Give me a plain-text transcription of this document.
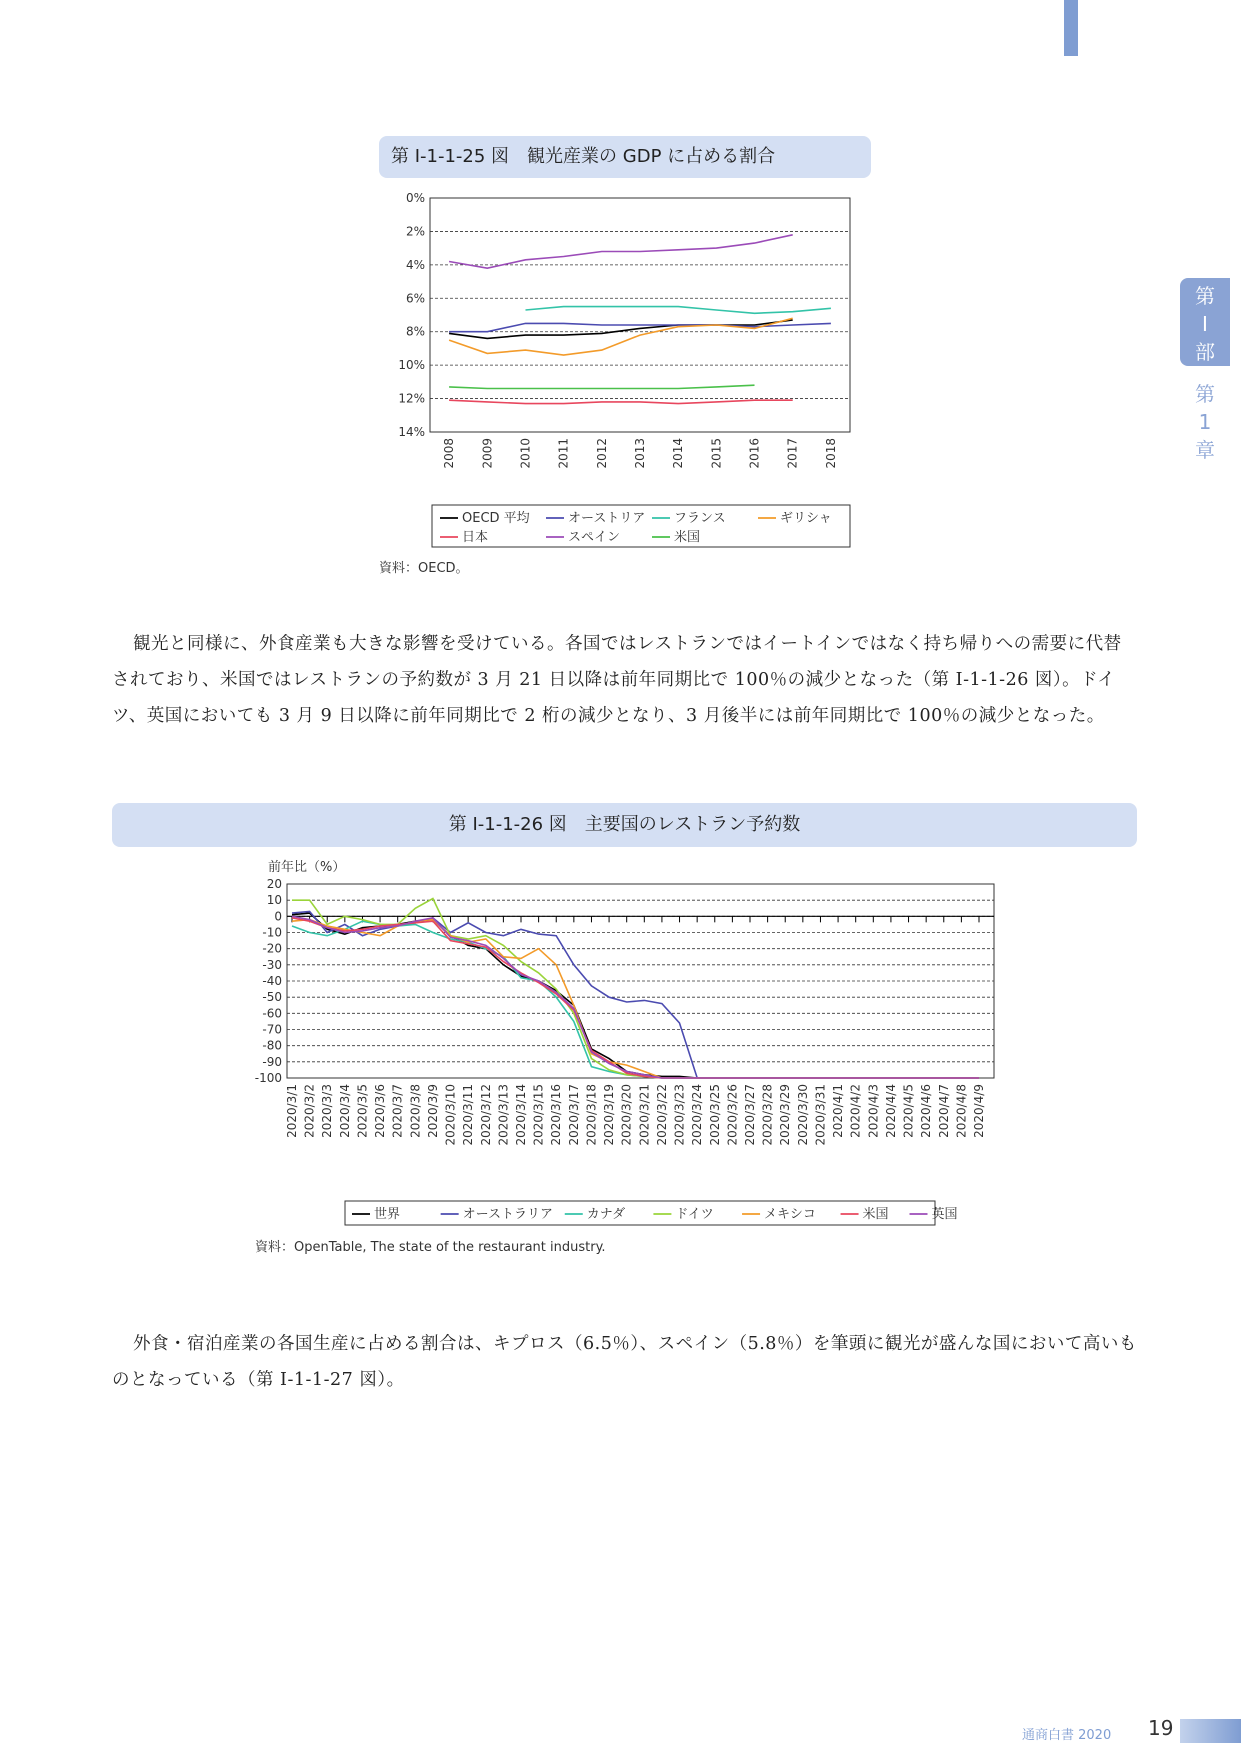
第
I
部
第
1
章
第 I-1-1-25 図　観光産業の GDP に占める割合
0%
2%
4%
6%
8%
10%
12%
14%
2008 2009 2010 2011 2012 2013 2014 2015 2016 2017 2018
OECD 平均	オーストリア フランス	ギリシャ
日本	スペイン	米国
資料：OECD。

観光と同様に、外食産業も大きな影響を受けている。各国ではレストランではイートインではなく持ち帰りへの需要に代替されており、米国ではレストランの予約数が 3 月 21 日以降は前年同期比で 100％の減少となった（第 I-1-1-26 図）。ドイツ、英国においても 3 月 9 日以降に前年同期比で 2 桁の減少となり、3 月後半には前年同期比で 100％の減少となった。

第 I-1-1-26 図　主要国のレストラン予約数
20
10
0
-10
-20
-30
-40
-50
-60
-70
-80
-90
-100
2020/3/1 2020/3/2 2020/3/3 2020/3/4 2020/3/5 2020/3/6 2020/3/7 2020/3/8 2020/3/9 2020/3/10 2020/3/11 2020/3/12 2020/3/13 2020/3/14 2020/3/15 2020/3/16 2020/3/17 2020/3/18 2020/3/19 2020/3/20 2020/3/21 2020/3/22 2020/3/23 2020/3/24 2020/3/25 2020/3/26 2020/3/27 2020/3/28 2020/3/29 2020/3/30 2020/3/31 2020/4/1 2020/4/2 2020/4/3 2020/4/4 2020/4/5 2020/4/6 2020/4/7 2020/4/8 2020/4/9
世界	オーストラリア	カナダ	ドイツ	メキシコ	米国	英国
前年比（%）
資料：OpenTable, The state of the restaurant industry.

外食・宿泊産業の各国生産に占める割合は、キプロス（6.5％）、スペイン（5.8％）を筆頭に観光が盛んな国において高いものとなっている（第 I-1-1-27 図）。

通商白書 2020 19
